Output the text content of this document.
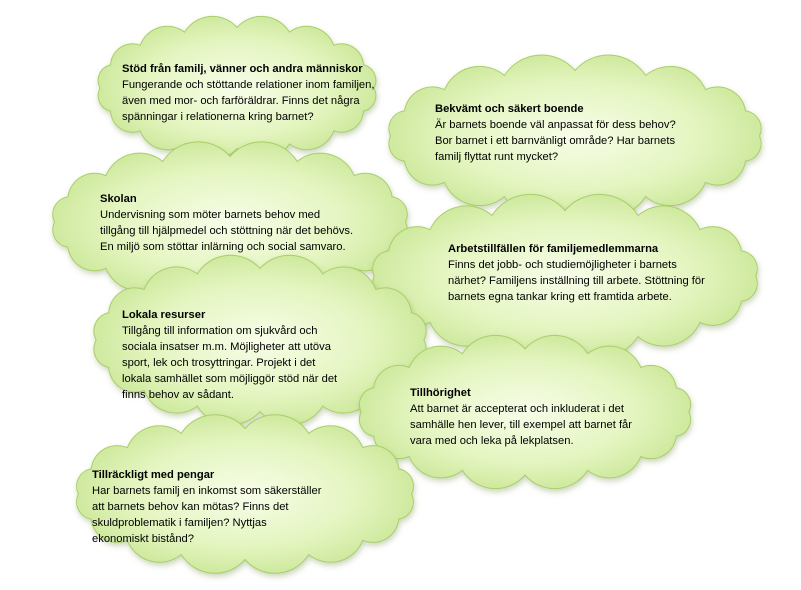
Stöd från familj, vänner och andra människor
Fungerande och stöttande relationer inom familjen,
även med mor- och farföräldrar. Finns det några
spänningar i relationerna kring barnet?
Bekvämt och säkert boende
Är barnets boende väl anpassat för dess behov?
Bor barnet i ett barnvänligt område? Har barnets
familj flyttat runt mycket?
Skolan
Undervisning som möter barnets behov med
tillgång till hjälpmedel och stöttning när det behövs.
En miljö som stöttar inlärning och social samvaro.	Arbetstillfällen för familjemedlemmarna
Finns det jobb- och studiemöjligheter i barnets
närhet? Familjens inställning till arbete. Stöttning för
barnets egna tankar kring ett framtida arbete.
Lokala resurser
Tillgång till information om sjukvård och
sociala insatser m.m. Möjligheter att utöva
sport, lek och trosyttringar. Projekt i det
lokala samhället som möjliggör stöd när det
finns behov av sådant.	Tillhörighet
Att barnet är accepterat och inkluderat i det
samhälle hen lever, till exempel att barnet får
vara med och leka på lekplatsen.
Tillräckligt med pengar
Har barnets familj en inkomst som säkerställer
att barnets behov kan mötas? Finns det
skuldproblematik i familjen? Nyttjas
ekonomiskt bistånd?
